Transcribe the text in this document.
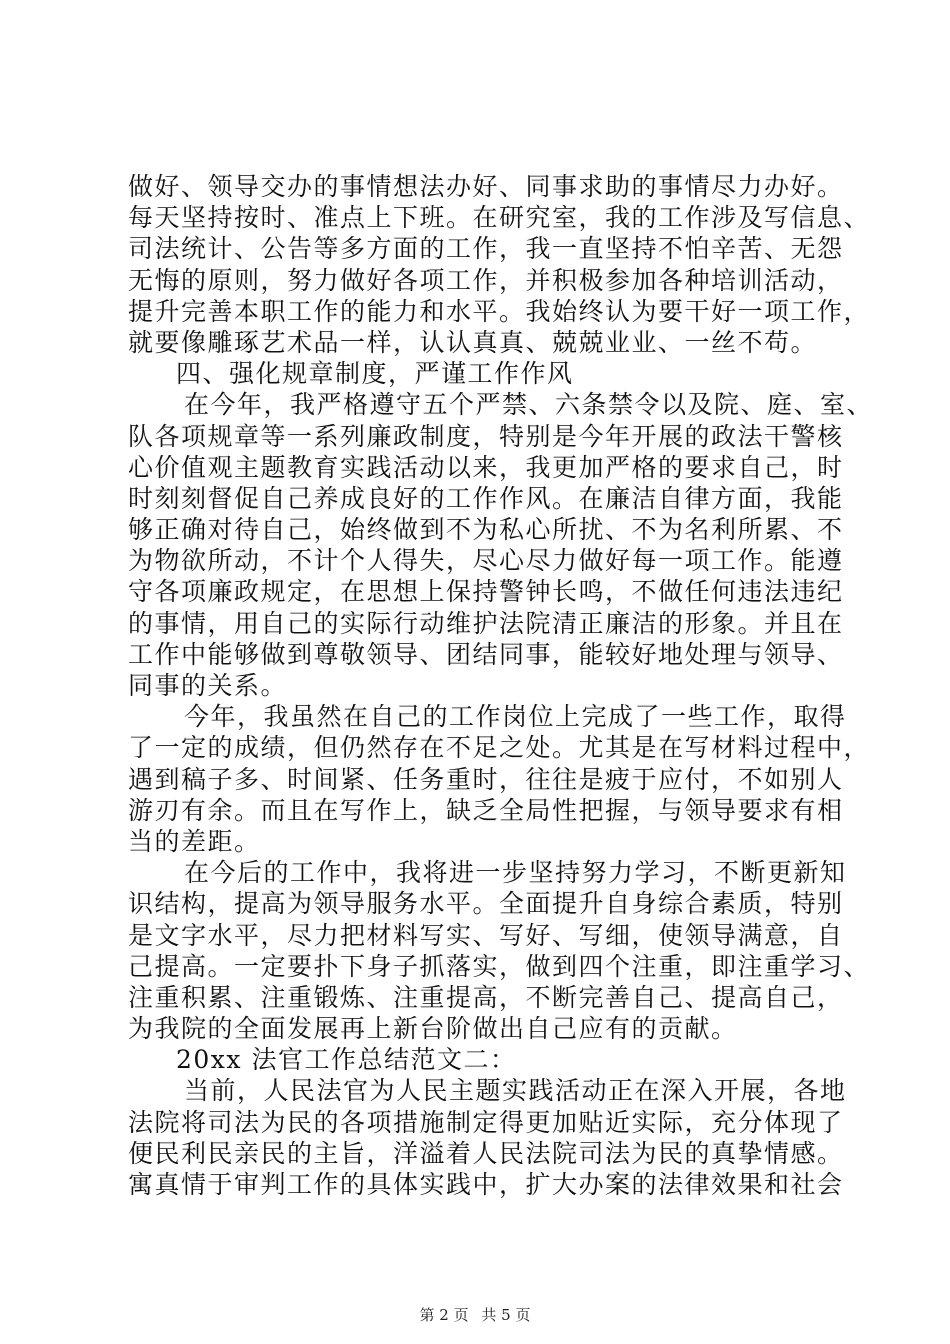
做好、领导交办的事情想法办好、同事求助的事情尽力办好。
每天坚持按时、准点上下班。在研究室，我的工作涉及写信息、
司法统计、公告等多方面的工作，我一直坚持不怕辛苦、无怨
无悔的原则，努力做好各项工作，并积极参加各种培训活动，
提升完善本职工作的能力和水平。我始终认为要干好一项工作，
就要像雕琢艺术品一样，认认真真、兢兢业业、一丝不苟。
四、强化规章制度，严谨工作作风
在今年，我严格遵守五个严禁、六条禁令以及院、庭、室、
队各项规章等一系列廉政制度，特别是今年开展的政法干警核
心价值观主题教育实践活动以来，我更加严格的要求自己，时
时刻刻督促自己养成良好的工作作风。在廉洁自律方面，我能
够正确对待自己，始终做到不为私心所扰、不为名利所累、不
为物欲所动，不计个人得失，尽心尽力做好每一项工作。能遵
守各项廉政规定，在思想上保持警钟长鸣，不做任何违法违纪
的事情，用自己的实际行动维护法院清正廉洁的形象。并且在
工作中能够做到尊敬领导、团结同事，能较好地处理与领导、
同事的关系。
今年，我虽然在自己的工作岗位上完成了一些工作，取得
了一定的成绩，但仍然存在不足之处。尤其是在写材料过程中，
遇到稿子多、时间紧、任务重时，往往是疲于应付，不如别人
游刃有余。而且在写作上，缺乏全局性把握，与领导要求有相
当的差距。
在今后的工作中，我将进一步坚持努力学习，不断更新知
识结构，提高为领导服务水平。全面提升自身综合素质，特别
是文字水平，尽力把材料写实、写好、写细，使领导满意，自
己提高。一定要扑下身子抓落实，做到四个注重，即注重学习、
注重积累、注重锻炼、注重提高，不断完善自己、提高自己，
为我院的全面发展再上新台阶做出自己应有的贡献。
20xx 法官工作总结范文二：
当前，人民法官为人民主题实践活动正在深入开展，各地
法院将司法为民的各项措施制定得更加贴近实际，充分体现了
便民利民亲民的主旨，洋溢着人民法院司法为民的真挚情感。
寓真情于审判工作的具体实践中，扩大办案的法律效果和社会
第 2 页 共 5 页
